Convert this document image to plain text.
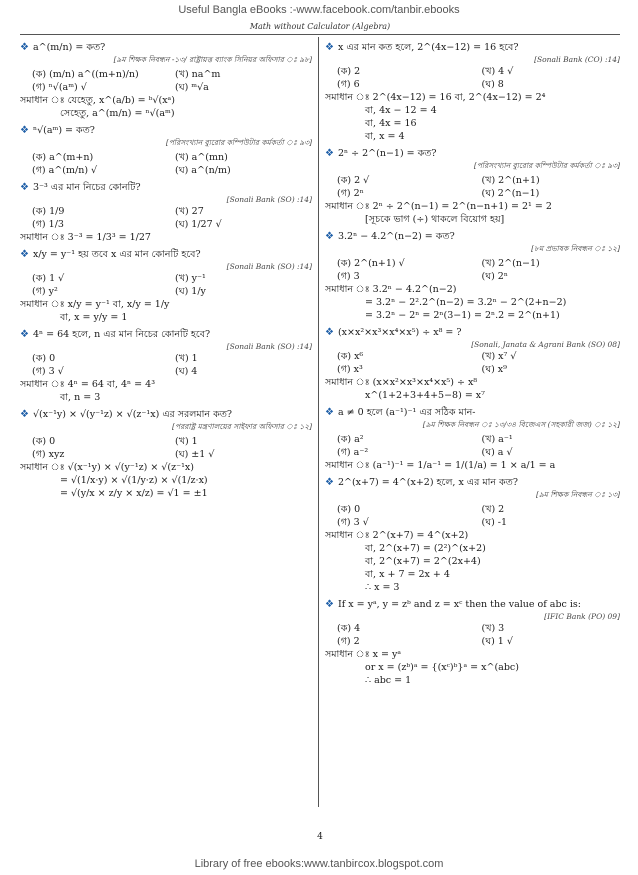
Useful Bangla eBooks :-www.facebook.com/tanbir.ebooks
Math without Calculator (Algebra)
❖ a^(m/n) = কত?
[৯ম শিক্ষক নিবন্ধন -১৩/ রাষ্ট্রায়ত্ত ব্যাংক সিনিয়র অফিসার ঃ ৯৮]
(ক) (m/n) a^((m+n)/n)	(খ) na^m
(গ) ⁿ√(aᵐ) √	(ঘ) ᵐ√a
সমাধান ঃ যেহেতু, x^(a/b) = ᵇ√(xᵃ)
সেহেতু, a^(m/n) = ⁿ√(aᵐ)
❖ ⁿ√(aᵐ) = কত?
[পরিসংখ্যান ব্যুরোর কম্পিউটার কর্মকর্তা ঃ ৯৩]
(ক) a^(m+n)	(খ) a^(mn)
(গ) a^(m/n) √	(ঘ) a^(n/m)
❖ 3⁻³ এর মান নিচের কোনটি?
[Sonali Bank (SO) :14]
(ক) 1/9	(খ) 27
(গ) 1/3	(ঘ) 1/27 √
সমাধান ঃ 3⁻³ = 1/3³ = 1/27
❖ x/y = y⁻¹ হয় তবে x এর মান কোনটি হবে?
[Sonali Bank (SO) :14]
(ক) 1 √	(খ) y⁻¹
(গ) y²	(ঘ) 1/y
সমাধান ঃ x/y = y⁻¹ বা, x/y = 1/y
বা, x = y/y = 1
❖ 4ⁿ = 64 হলে, n এর মান নিচের কোনটি হবে?
[Sonali Bank (SO) :14]
(ক) 0	(খ) 1
(গ) 3 √	(ঘ) 4
সমাধান ঃ 4ⁿ = 64 বা, 4ⁿ = 4³
বা, n = 3
❖ √(x⁻¹y) × √(y⁻¹z) × √(z⁻¹x) এর সরলমান কত?
[পররাষ্ট্র মন্ত্রণালয়ের সাইফার অফিসার ঃ ১২]
(ক) 0	(খ) 1
(গ) xyz	(ঘ) ±1 √
সমাধান ঃ √(x⁻¹y) × √(y⁻¹z) × √(z⁻¹x)
= √(1/x·y) × √(1/y·z) × √(1/z·x)
= √(y/x × z/y × x/z) = √1 = ±1
❖ x এর মান কত হলে, 2^(4x−12) = 16 হবে?
[Sonali Bank (CO) :14]
(ক) 2	(খ) 4 √
(গ) 6	(ঘ) 8
সমাধান ঃ 2^(4x−12) = 16 বা, 2^(4x−12) = 2⁴
বা, 4x − 12 = 4
বা, 4x = 16
বা, x = 4
❖ 2ⁿ ÷ 2^(n−1) = কত?
[পরিসংখ্যান ব্যুরোর কম্পিউটার কর্মকর্তা ঃ ৯৩]
(ক) 2 √	(খ) 2^(n+1)
(গ) 2ⁿ	(ঘ) 2^(n−1)
সমাধান ঃ 2ⁿ ÷ 2^(n−1) = 2^(n−n+1) = 2¹ = 2
[সূচকে ভাগ (÷) থাকলে বিয়োগ হয়]
❖ 3.2ⁿ − 4.2^(n−2) = কত?
[৮ম প্রভাষক নিবন্ধন ঃ ১২]
(ক) 2^(n+1) √	(খ) 2^(n−1)
(গ) 3	(ঘ) 2ⁿ
সমাধান ঃ 3.2ⁿ − 4.2^(n−2)
= 3.2ⁿ − 2².2^(n−2) = 3.2ⁿ − 2^(2+n−2)
= 3.2ⁿ − 2ⁿ = 2ⁿ(3−1) = 2ⁿ.2 = 2^(n+1)
❖ (x×x²×x³×x⁴×x⁵) ÷ x⁸ = ?
[Sonali, Janata & Agrani Bank (SO) 08]
(ক) x⁶	(খ) x⁷ √
(গ) x³	(ঘ) x⁹
সমাধান ঃ (x×x²×x³×x⁴×x⁵) ÷ x⁸
x^(1+2+3+4+5−8) = x⁷
❖ a ≠ 0 হলে (a⁻¹)⁻¹ এর সঠিক মান-
[৯ম শিক্ষক নিবন্ধন ঃ ১৩/৩৪ বিজেএস (সহকারী জজ) ঃ ১২]
(ক) a²	(খ) a⁻¹
(গ) a⁻²	(ঘ) a √
সমাধান ঃ (a⁻¹)⁻¹ = 1/a⁻¹ = 1/(1/a) = 1 × a/1 = a
❖ 2^(x+7) = 4^(x+2) হলে, x এর মান কত?
[৯ম শিক্ষক নিবন্ধন ঃ ১৩]
(ক) 0	(খ) 2
(গ) 3 √	(ঘ) -1
সমাধান ঃ 2^(x+7) = 4^(x+2)
বা, 2^(x+7) = (2²)^(x+2)
বা, 2^(x+7) = 2^(2x+4)
বা, x + 7 = 2x + 4
∴ x = 3
❖ If x = yᵃ, y = zᵇ and z = xᶜ then the value of abc is:
[IFIC Bank (PO) 09]
(ক) 4	(খ) 3
(গ) 2	(ঘ) 1 √
সমাধান ঃ x = yᵃ
or x = (zᵇ)ᵃ = {(xᶜ)ᵇ}ᵃ = x^(abc)
∴ abc = 1
4
Library of free ebooks:www.tanbircox.blogspot.com
